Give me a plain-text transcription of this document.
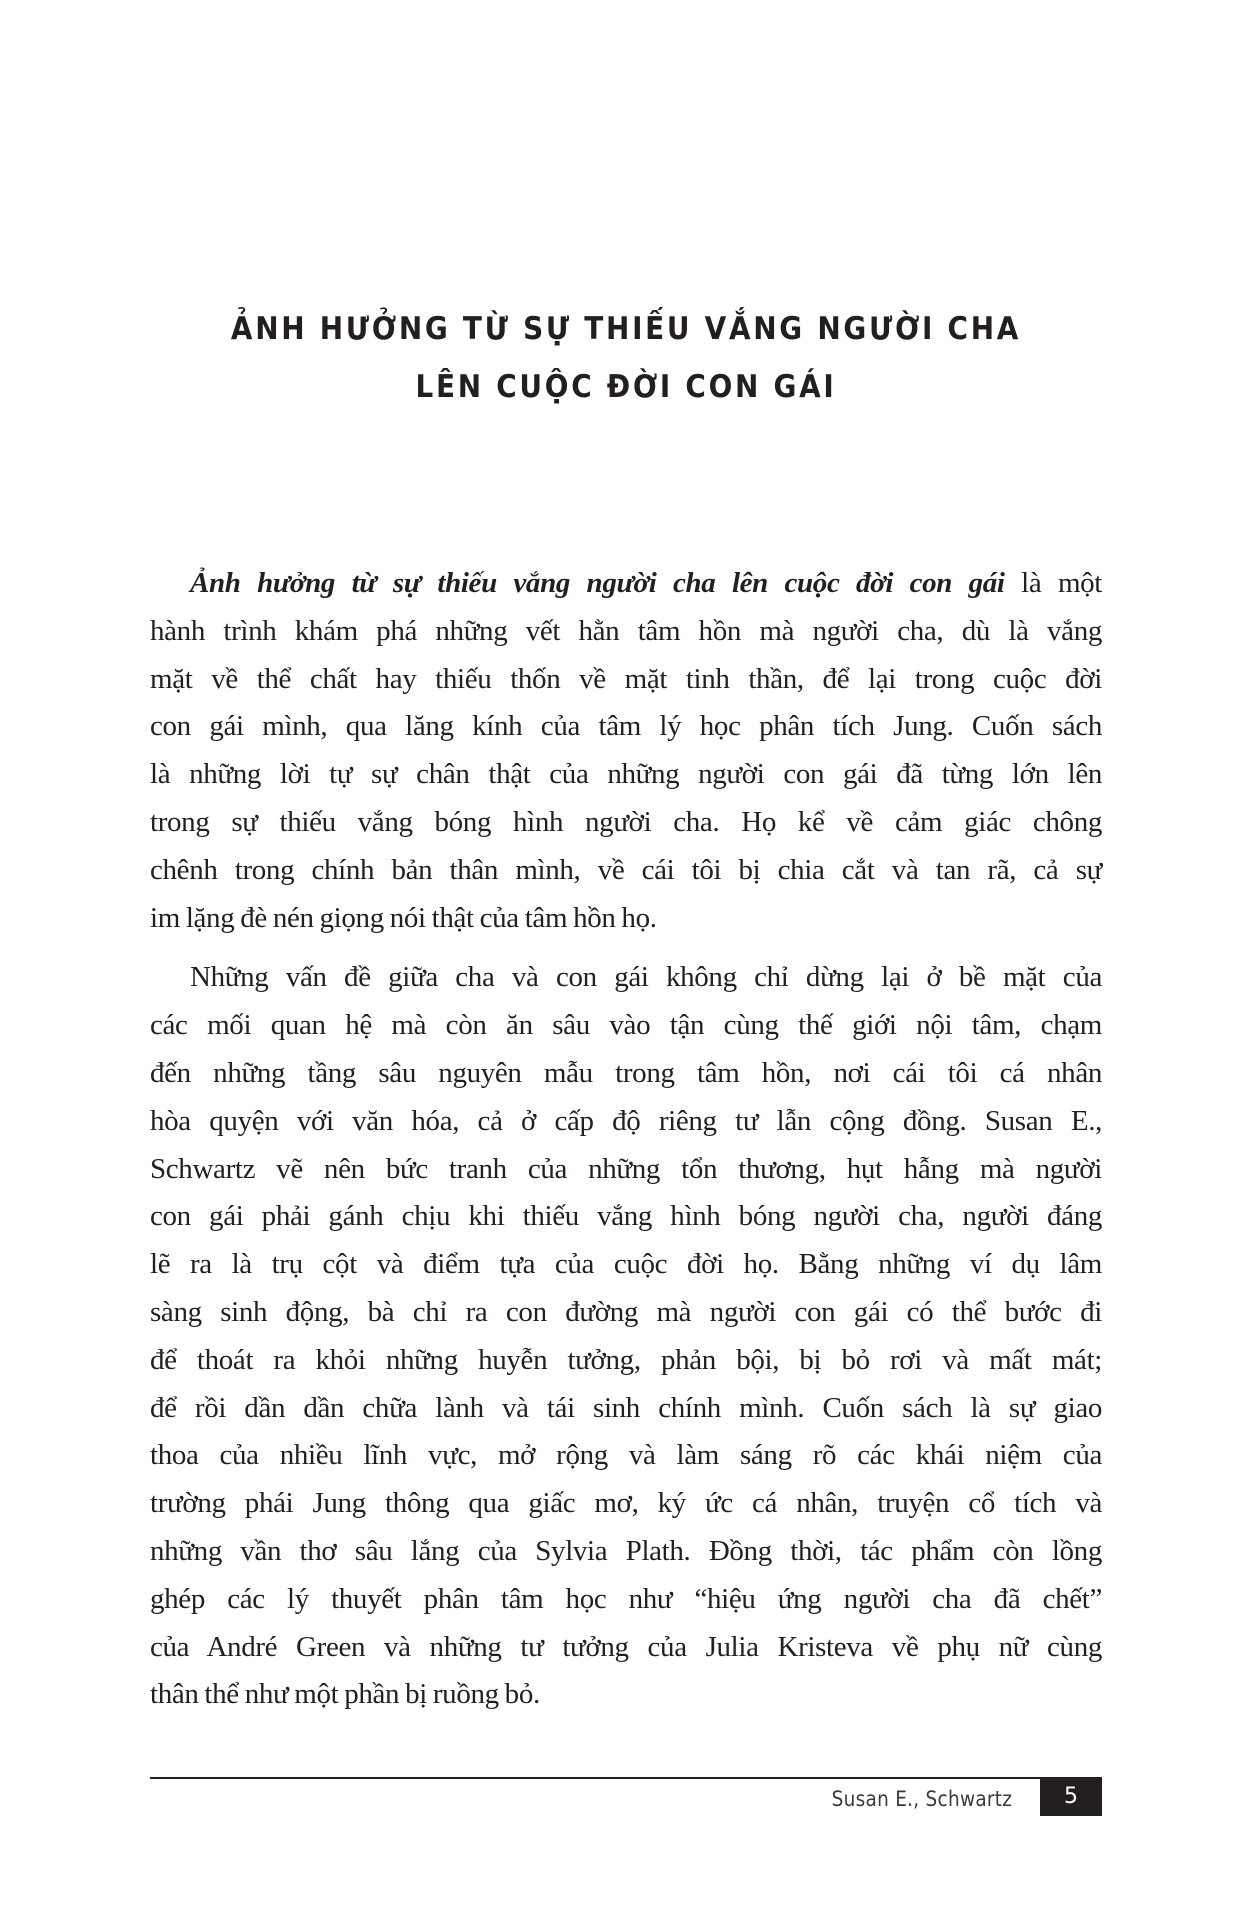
ẢNH HƯỞNG TỪ SỰ THIẾU VẮNG NGƯỜI CHA
LÊN CUỘC ĐỜI CON GÁI
Ảnh hưởng từ sự thiếu vắng người cha lên cuộc đời con gái là một
hành trình khám phá những vết hằn tâm hồn mà người cha, dù là vắng
mặt về thể chất hay thiếu thốn về mặt tinh thần, để lại trong cuộc đời
con gái mình, qua lăng kính của tâm lý học phân tích Jung. Cuốn sách
là những lời tự sự chân thật của những người con gái đã từng lớn lên
trong sự thiếu vắng bóng hình người cha. Họ kể về cảm giác chông
chênh trong chính bản thân mình, về cái tôi bị chia cắt và tan rã, cả sự
im lặng đè nén giọng nói thật của tâm hồn họ.
Những vấn đề giữa cha và con gái không chỉ dừng lại ở bề mặt của
các mối quan hệ mà còn ăn sâu vào tận cùng thế giới nội tâm, chạm
đến những tầng sâu nguyên mẫu trong tâm hồn, nơi cái tôi cá nhân
hòa quyện với văn hóa, cả ở cấp độ riêng tư lẫn cộng đồng. Susan E.,
Schwartz vẽ nên bức tranh của những tổn thương, hụt hẫng mà người
con gái phải gánh chịu khi thiếu vắng hình bóng người cha, người đáng
lẽ ra là trụ cột và điểm tựa của cuộc đời họ. Bằng những ví dụ lâm
sàng sinh động, bà chỉ ra con đường mà người con gái có thể bước đi
để thoát ra khỏi những huyễn tưởng, phản bội, bị bỏ rơi và mất mát;
để rồi dần dần chữa lành và tái sinh chính mình. Cuốn sách là sự giao
thoa của nhiều lĩnh vực, mở rộng và làm sáng rõ các khái niệm của
trường phái Jung thông qua giấc mơ, ký ức cá nhân, truyện cổ tích và
những vần thơ sâu lắng của Sylvia Plath. Đồng thời, tác phẩm còn lồng
ghép các lý thuyết phân tâm học như “hiệu ứng người cha đã chết”
của André Green và những tư tưởng của Julia Kristeva về phụ nữ cùng
thân thể như một phần bị ruồng bỏ.
Susan E., Schwartz	5
